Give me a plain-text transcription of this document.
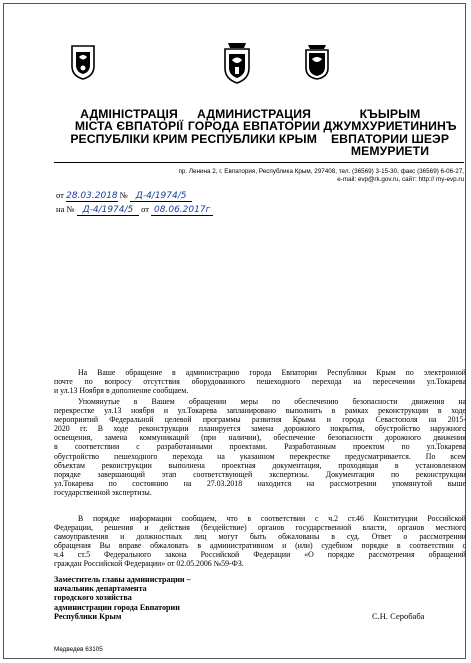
АДМІНІСТРАЦІЯ
МІСТА ЄВПАТОРІЇ
РЕСПУБЛІКИ КРИМ
АДМИНИСТРАЦИЯ
ГОРОДА ЕВПАТОРИИ
РЕСПУБЛИКИ КРЫМ
КЪЫРЫМ
ДЖУМХУРИЕТИНИНЪ
ЕВПАТОРИИ ШЕЭР
МЕМУРИЕТИ
пр. Ленина 2, г. Евпатория, Республика Крым, 297408, тел. (36569) 3-15-30, факс (36569) 6-06-27,
e-mail: evp@rk.gov.ru, сайт: http:// my-evp.ru
от 28.03.2018 № Д-4/1974/5
на № Д-4/1974/5 от 08.06.2017г
На Ваше обращение в администрацию города Евпатории Республики Крым по электронной
почте по вопросу отсутствия оборудованного пешеходного перехода на пересечении ул.Токарева
и ул.13 Ноября в дополнение сообщаем.
Упомянутые в Вашем обращении меры по обеспечению безопасности движения на
перекрестке ул.13 ноября и ул.Токарева запланировано выполнить в рамках реконструкции в ходе
мероприятий Федеральной целевой программы развития Крыма и города Севастополя на 2015-
2020 гг. В ходе реконструкции планируется замена дорожного покрытия, обустройство наружного
освещения, замена коммуникаций (при наличии), обеспечение безопасности дорожного движения
в соответствии с разработанными проектами. Разработанным проектом по ул.Токарева
обустройство пешеходного перехода на указанном перекрестке предусматривается. По всем
объектам реконструкции выполнена проектная документация, проходящая в установленном
порядке завершающий этап соответствующей экспертизы. Документация по реконструкции
ул.Токарева по состоянию на 27.03.2018 находится на рассмотрении упомянутой выше
государственной экспертизы.
В порядке информации сообщаем, что в соответствии с ч.2 ст.46 Конституции Российской
Федерации, решения и действия (бездействие) органов государственной власти, органов местного
самоуправления и должностных лиц могут быть обжалованы в суд. Ответ о рассмотрении
обращения Вы вправе обжаловать в административном и (или) судебном порядке в соответствии с
ч.4 ст.5 Федерального закона Российской Федерации «О порядке рассмотрения обращений
граждан Российской Федерации» от 02.05.2006 №59-ФЗ.
Заместитель главы администрации –
начальник департамента
городского хозяйства
администрации города Евпатории
Республики Крым	С.Н. Серобаба
Медведев 63105
